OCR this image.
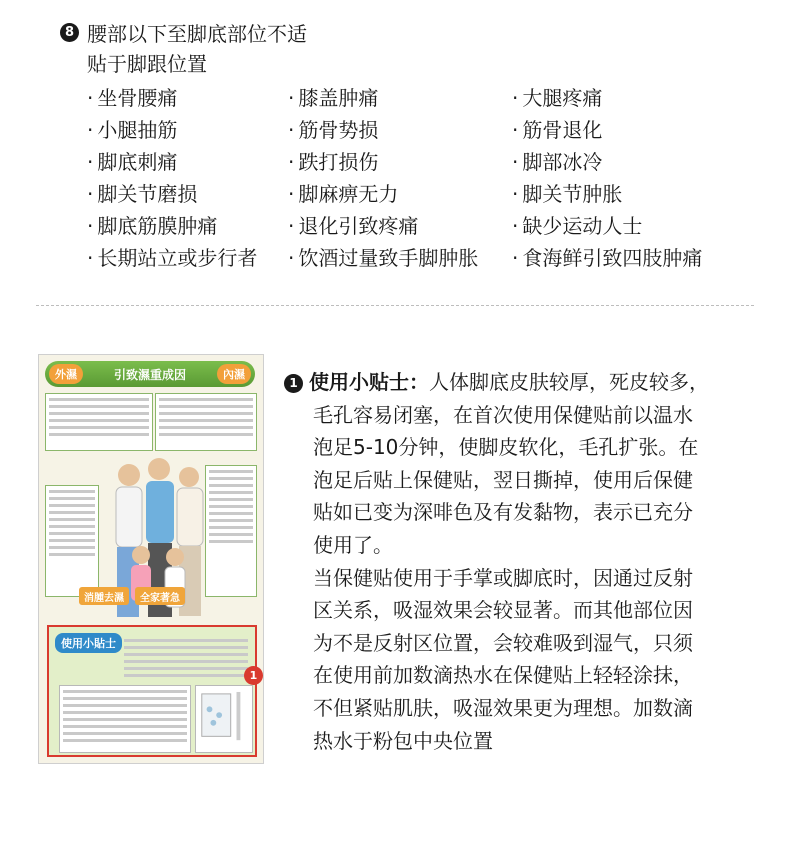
8 腰部以下至脚底部位不适
贴于脚跟位置
· 坐骨腰痛	· 膝盖肿痛	· 大腿疼痛
· 小腿抽筋	· 筋骨势损	· 筋骨退化
· 脚底刺痛	· 跌打损伤	· 脚部冰冷
· 脚关节磨损	· 脚麻痹无力	· 脚关节肿胀
· 脚底筋膜肿痛	· 退化引致疼痛	· 缺少运动人士
· 长期站立或步行者	· 饮酒过量致手脚肿胀	· 食海鲜引致四肢肿痛
外濕	引致濕重成因	內濕
消腫去濕	全家著急
使用小貼士
1
1 使用小贴士：人体脚底皮肤较厚，死皮较多，
毛孔容易闭塞，在首次使用保健贴前以温水
泡足5-10分钟，使脚皮软化，毛孔扩张。在
泡足后贴上保健贴，翌日撕掉，使用后保健
贴如已变为深啡色及有发黏物，表示已充分
使用了。
当保健贴使用于手掌或脚底时，因通过反射
区关系，吸湿效果会较显著。而其他部位因
为不是反射区位置，会较难吸到湿气，只须
在使用前加数滴热水在保健贴上轻轻涂抹，
不但紧贴肌肤，吸湿效果更为理想。加数滴
热水于粉包中央位置
